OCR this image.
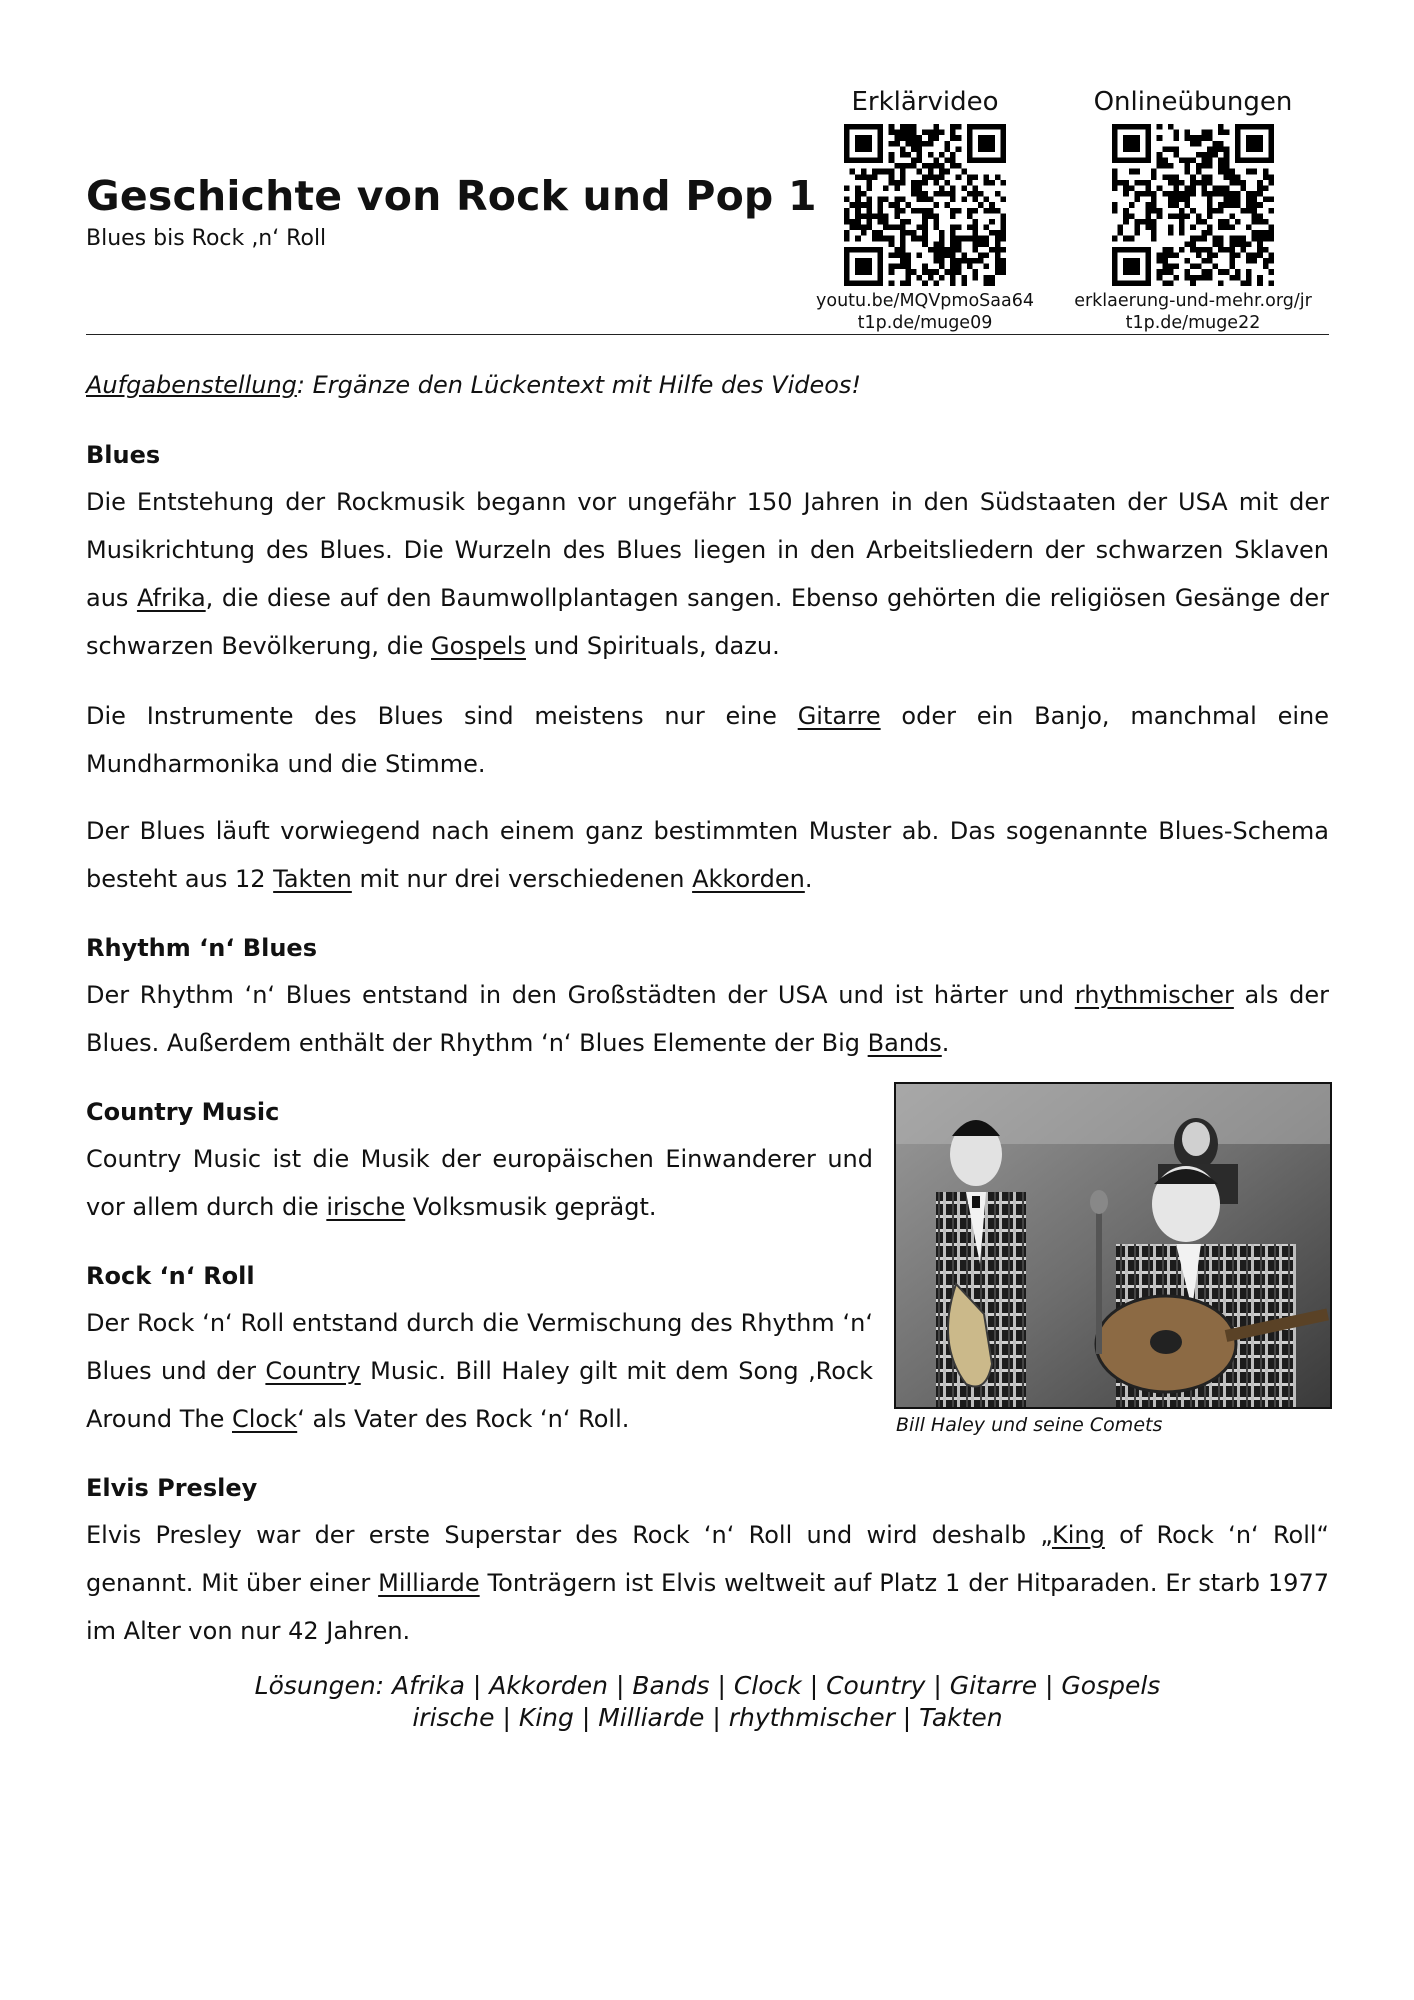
Geschichte von Rock und Pop 1
Blues bis Rock ‚n‘ Roll
Erklärvideo
youtu.be/MQVpmoSaa64
t1p.de/muge09
Onlineübungen
erklaerung-und-mehr.org/jr
t1p.de/muge22
Aufgabenstellung: Ergänze den Lückentext mit Hilfe des Videos!
Blues

Die Entstehung der Rockmusik begann vor ungefähr 150 Jahren in den Südstaaten der USA mit der Musikrichtung des Blues. Die Wurzeln des Blues liegen in den Arbeitsliedern der schwarzen Sklaven aus Afrika, die diese auf den Baumwollplantagen sangen. Ebenso gehörten die religiösen Gesänge der schwarzen Bevölkerung, die Gospels und Spirituals, dazu.

Die Instrumente des Blues sind meistens nur eine Gitarre oder ein Banjo, manchmal eine Mundharmonika und die Stimme.

Der Blues läuft vorwiegend nach einem ganz bestimmten Muster ab. Das sogenannte Blues-Schema besteht aus 12 Takten mit nur drei verschiedenen Akkorden.

Rhythm ‘n‘ Blues

Der Rhythm ‘n‘ Blues entstand in den Großstädten der USA und ist härter und rhythmischer als der Blues. Außerdem enthält der Rhythm ‘n‘ Blues Elemente der Big Bands.

Country Music

Country Music ist die Musik der europäischen Einwanderer und vor allem durch die irische Volksmusik geprägt.

Rock ‘n‘ Roll

Der Rock ‘n‘ Roll entstand durch die Vermischung des Rhythm ‘n‘ Blues und der Country Music. Bill Haley gilt mit dem Song ‚Rock Around The Clock‘ als Vater des Rock ‘n‘ Roll.	Bill Haley und seine Comets
Elvis Presley

Elvis Presley war der erste Superstar des Rock ‘n‘ Roll und wird deshalb „King of Rock ‘n‘ Roll“ genannt. Mit über einer Milliarde Tonträgern ist Elvis weltweit auf Platz 1 der Hitparaden. Er starb 1977 im Alter von nur 42 Jahren.

Lösungen: Afrika | Akkorden | Bands | Clock | Country | Gitarre | Gospels
irische | King | Milliarde | rhythmischer | Takten
